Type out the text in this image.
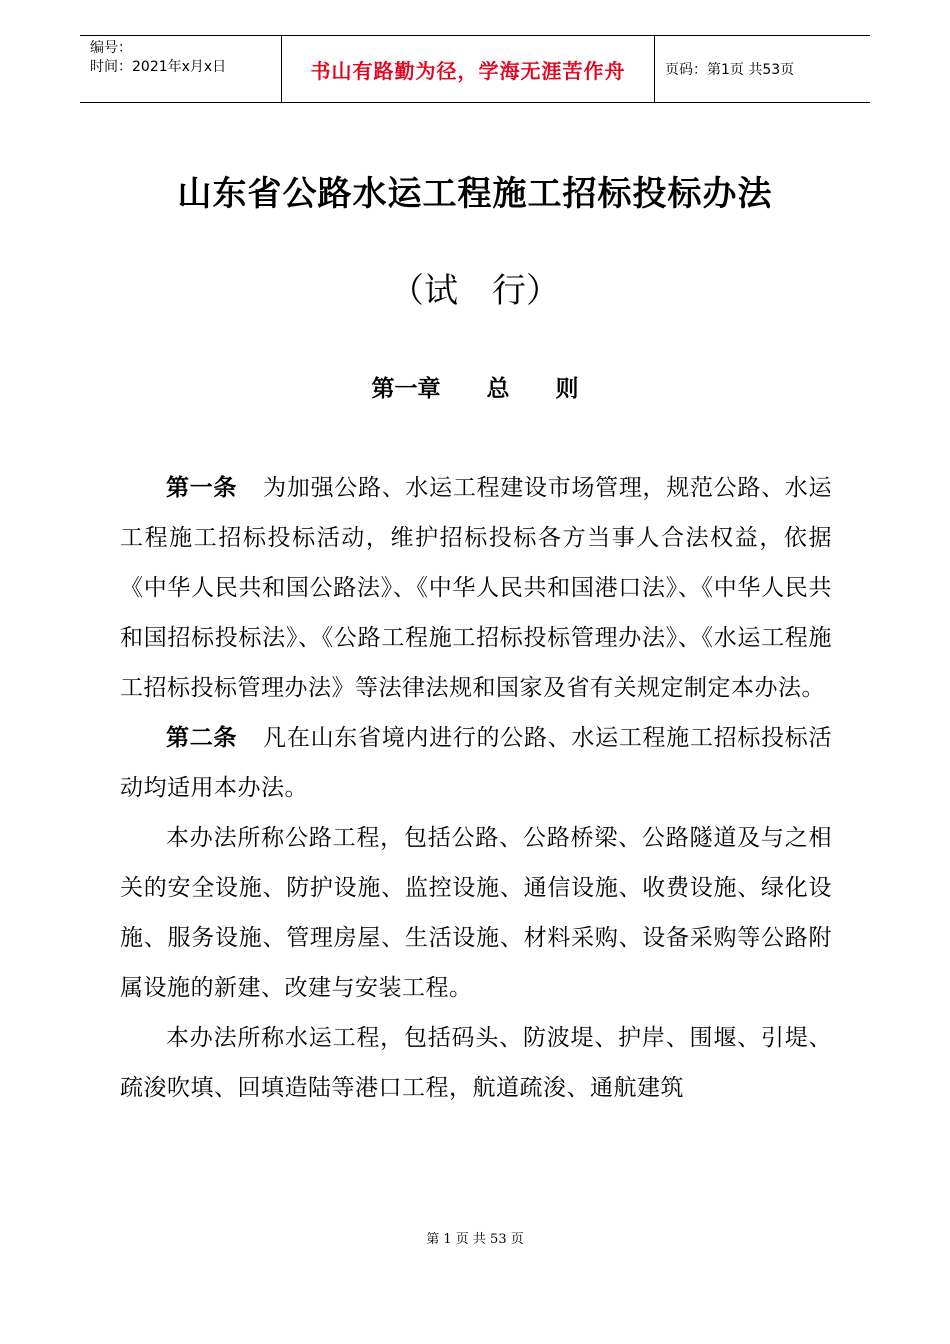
编号：
时间：2021年x月x日	书山有路勤为径，学海无涯苦作舟	页码：第1页 共53页
山东省公路水运工程施工招标投标办法
（试　行）
第一章　　总　　则

第一条 为加强公路、水运工程建设市场管理，规范公路、水运工程施工招标投标活动，维护招标投标各方当事人合法权益，依据《中华人民共和国公路法》、《中华人民共和国港口法》、《中华人民共和国招标投标法》、《公路工程施工招标投标管理办法》、《水运工程施工招标投标管理办法》等法律法规和国家及省有关规定制定本办法。

第二条 凡在山东省境内进行的公路、水运工程施工招标投标活动均适用本办法。

本办法所称公路工程，包括公路、公路桥梁、公路隧道及与之相关的安全设施、防护设施、监控设施、通信设施、收费设施、绿化设施、服务设施、管理房屋、生活设施、材料采购、设备采购等公路附属设施的新建、改建与安装工程。

本办法所称水运工程，包括码头、防波堤、护岸、围堰、引堤、疏浚吹填、回填造陆等港口工程，航道疏浚、通航建筑

第 1 页 共 53 页
